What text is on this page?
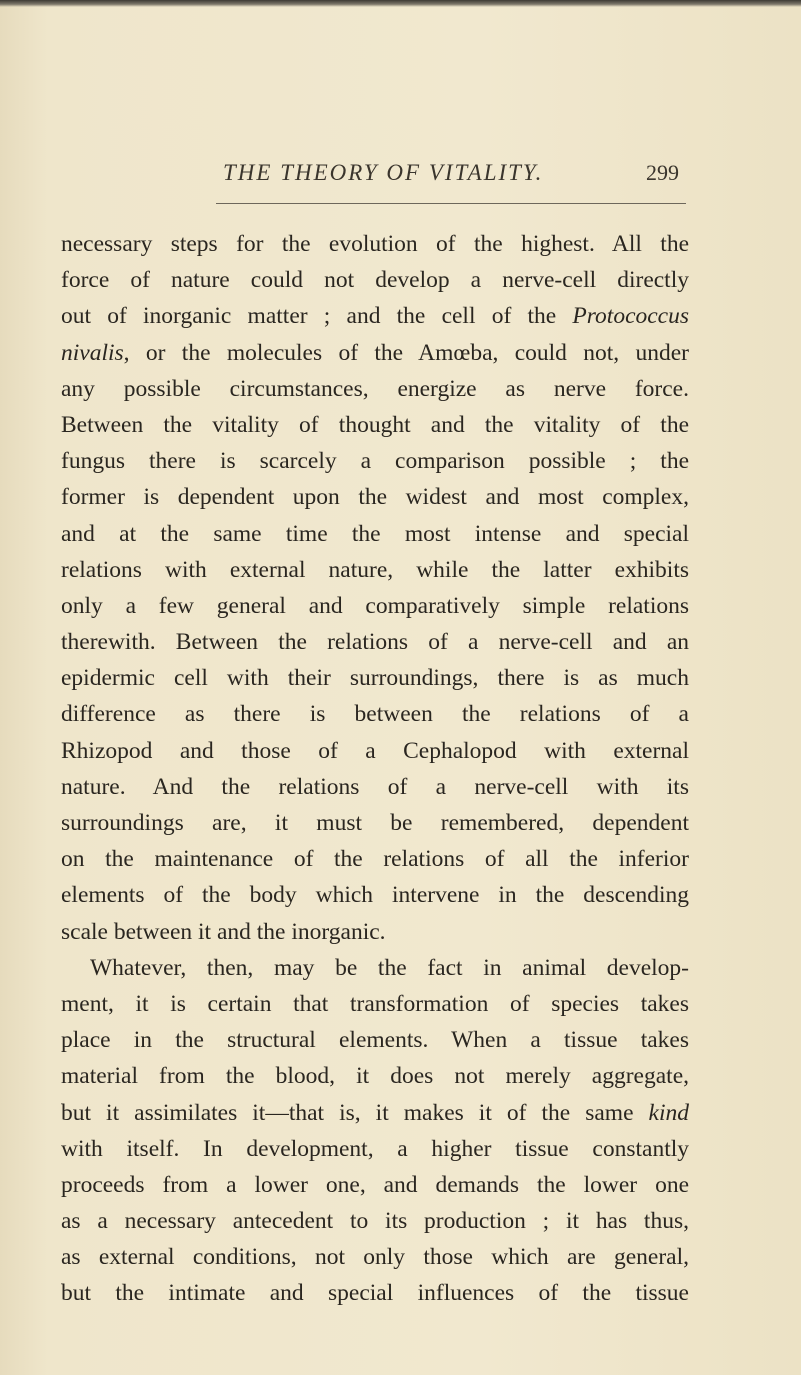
THE THEORY OF VITALITY.	299
necessary steps for the evolution of the highest. All the
force of nature could not develop a nerve-cell directly
out of inorganic matter ; and the cell of the Protococcus
nivalis, or the molecules of the Amœba, could not, under
any possible circumstances, energize as nerve force.
Between the vitality of thought and the vitality of the
fungus there is scarcely a comparison possible ; the
former is dependent upon the widest and most complex,
and at the same time the most intense and special
relations with external nature, while the latter exhibits
only a few general and comparatively simple relations
therewith. Between the relations of a nerve-cell and an
epidermic cell with their surroundings, there is as much
difference as there is between the relations of a
Rhizopod and those of a Cephalopod with external
nature. And the relations of a nerve-cell with its
surroundings are, it must be remembered, dependent
on the maintenance of the relations of all the inferior
elements of the body which intervene in the descending
scale between it and the inorganic.
Whatever, then, may be the fact in animal develop-
ment, it is certain that transformation of species takes
place in the structural elements. When a tissue takes
material from the blood, it does not merely aggregate,
but it assimilates it—that is, it makes it of the same kind
with itself. In development, a higher tissue constantly
proceeds from a lower one, and demands the lower one
as a necessary antecedent to its production ; it has thus,
as external conditions, not only those which are general,
but the intimate and special influences of the tissue
